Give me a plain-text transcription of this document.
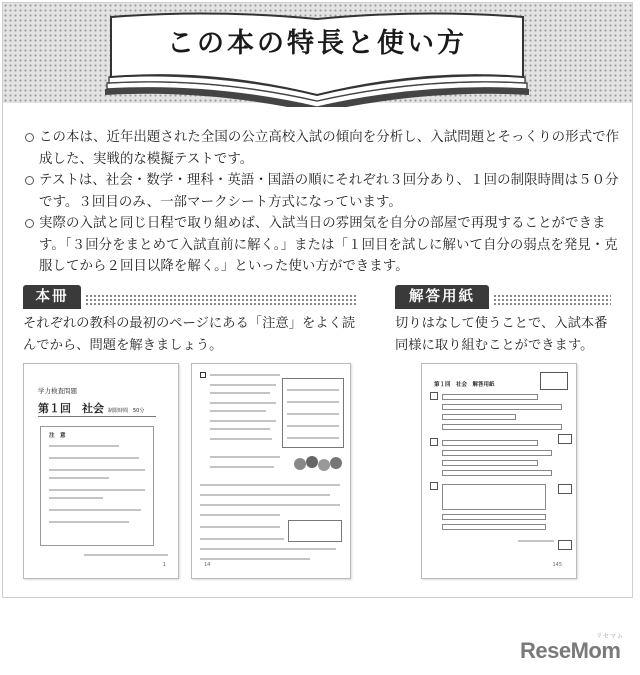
この本の特長と使い方
この本は、近年出題された全国の公立高校入試の傾向を分析し、入試問題とそっくりの形式で作成した、実戦的な模擬テストです。
テストは、社会・数学・理科・英語・国語の順にそれぞれ３回分あり、１回の制限時間は５０分です。３回目のみ、一部マークシート方式になっています。
実際の入試と同じ日程で取り組めば、入試当日の雰囲気を自分の部屋で再現することができます。「３回分をまとめて入試直前に解く。」または「１回目を試しに解いて自分の弱点を発見・克服してから２回目以降を解く。」といった使い方ができます。
本冊
それぞれの教科の最初のページにある「注意」をよく読んでから、問題を解きましょう。
学力検査問題
第１回　社会 制限時間　50分
注　意
1	14
解答用紙
切りはなして使うことで、入試本番同様に取り組むことができます。
第１回　社会　解答用紙
145
リセマム
ReseMom
